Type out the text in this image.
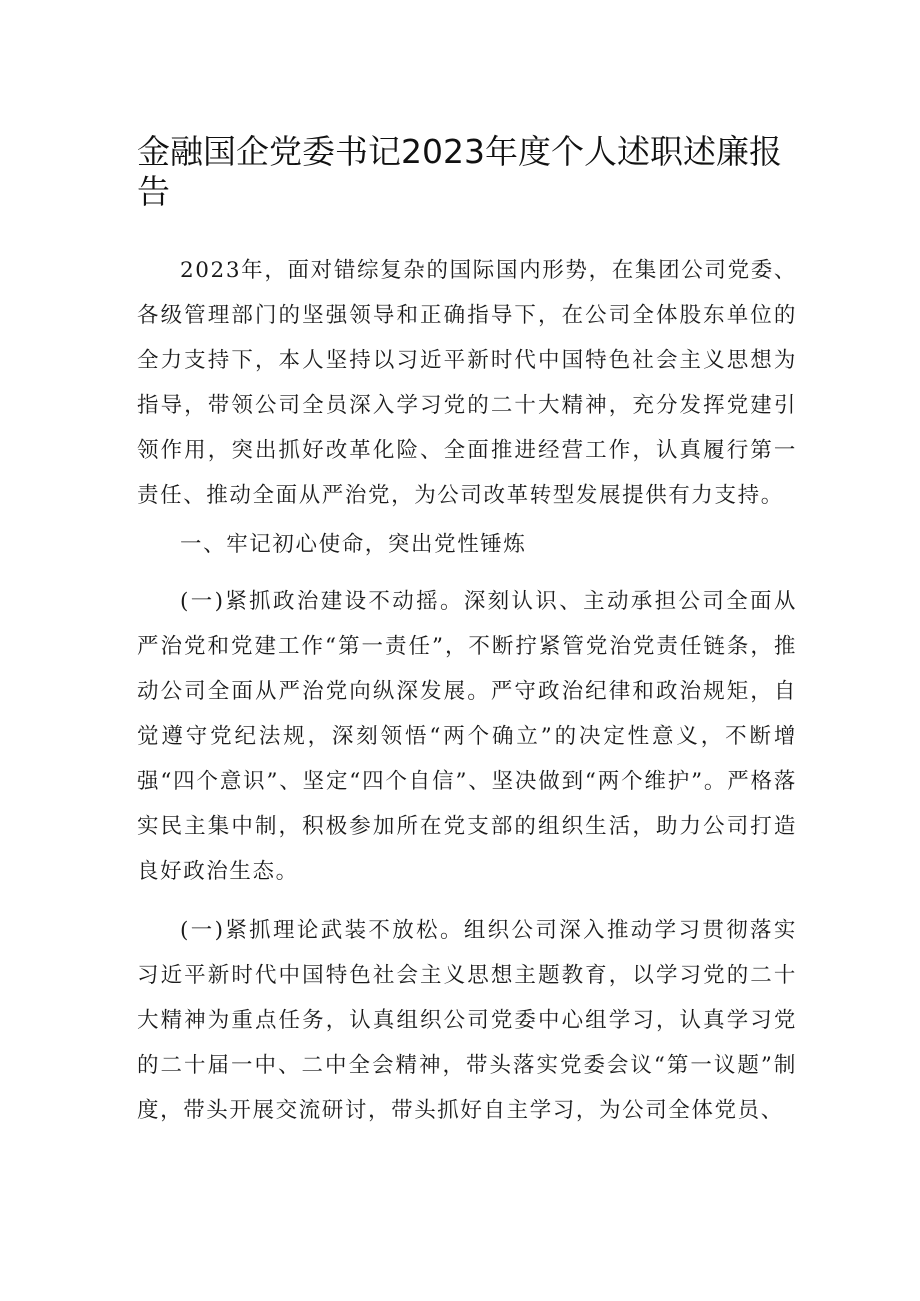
金融国企党委书记2023年度个人述职述廉报告

2023年，面对错综复杂的国际国内形势，在集团公司党委、各级管理部门的坚强领导和正确指导下，在公司全体股东单位的全力支持下，本人坚持以习近平新时代中国特色社会主义思想为指导，带领公司全员深入学习党的二十大精神，充分发挥党建引领作用，突出抓好改革化险、全面推进经营工作，认真履行第一责任、推动全面从严治党，为公司改革转型发展提供有力支持。

一、牢记初心使命，突出党性锤炼

(一)紧抓政治建设不动摇。深刻认识、主动承担公司全面从严治党和党建工作“第一责任”，不断拧紧管党治党责任链条，推动公司全面从严治党向纵深发展。严守政治纪律和政治规矩，自觉遵守党纪法规，深刻领悟“两个确立”的决定性意义，不断增强“四个意识”、坚定“四个自信”、坚决做到“两个维护”。严格落实民主集中制，积极参加所在党支部的组织生活，助力公司打造良好政治生态。

(一)紧抓理论武装不放松。组织公司深入推动学习贯彻落实习近平新时代中国特色社会主义思想主题教育，以学习党的二十大精神为重点任务，认真组织公司党委中心组学习，认真学习党的二十届一中、二中全会精神，带头落实党委会议“第一议题”制度，带头开展交流研讨，带头抓好自主学习，为公司全体党员、
